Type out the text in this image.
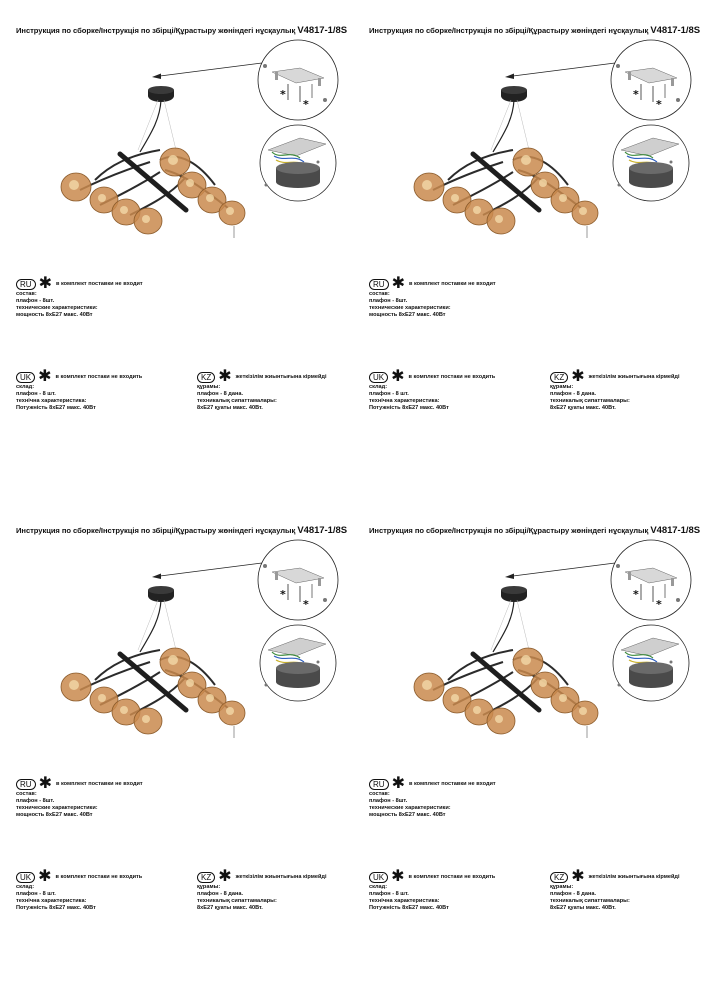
Инструкция по сборке/Інструкція по збірці/Құрастыру жөніндегі нұсқаулық V4817-1/8S
*
*
RU ✱ в комплект поставки не входит
состав:
плафон - 8шт.
технические характеристики:
мощность 8хЕ27 макс. 40Вт
UK ✱ в комплект постаки не входить
склад:
плафон - 8 шт.
технічна характеристика:
Потужність 8хЕ27 макс. 40Вт
KZ ✱ жеткізілім жиынтығына кірмейді
құрамы:
плафон - 8 дана.
техникалық сипаттамалары:
8хЕ27 қуаты макс. 40Вт.
Инструкция по сборке/Інструкція по збірці/Құрастыру жөніндегі нұсқаулық V4817-1/8S
*
*
RU ✱ в комплект поставки не входит
состав:
плафон - 8шт.
технические характеристики:
мощность 8хЕ27 макс. 40Вт
UK ✱ в комплект постаки не входить
склад:
плафон - 8 шт.
технічна характеристика:
Потужність 8хЕ27 макс. 40Вт
KZ ✱ жеткізілім жиынтығына кірмейді
құрамы:
плафон - 8 дана.
техникалық сипаттамалары:
8хЕ27 қуаты макс. 40Вт.
Инструкция по сборке/Інструкція по збірці/Құрастыру жөніндегі нұсқаулық V4817-1/8S
*
*
RU ✱ в комплект поставки не входит
состав:
плафон - 8шт.
технические характеристики:
мощность 8хЕ27 макс. 40Вт
UK ✱ в комплект постаки не входить
склад:
плафон - 8 шт.
технічна характеристика:
Потужність 8хЕ27 макс. 40Вт
KZ ✱ жеткізілім жиынтығына кірмейді
құрамы:
плафон - 8 дана.
техникалық сипаттамалары:
8хЕ27 қуаты макс. 40Вт.
Инструкция по сборке/Інструкція по збірці/Құрастыру жөніндегі нұсқаулық V4817-1/8S
*
*
RU ✱ в комплект поставки не входит
состав:
плафон - 8шт.
технические характеристики:
мощность 8хЕ27 макс. 40Вт
UK ✱ в комплект постаки не входить
склад:
плафон - 8 шт.
технічна характеристика:
Потужність 8хЕ27 макс. 40Вт
KZ ✱ жеткізілім жиынтығына кірмейді
құрамы:
плафон - 8 дана.
техникалық сипаттамалары:
8хЕ27 қуаты макс. 40Вт.
